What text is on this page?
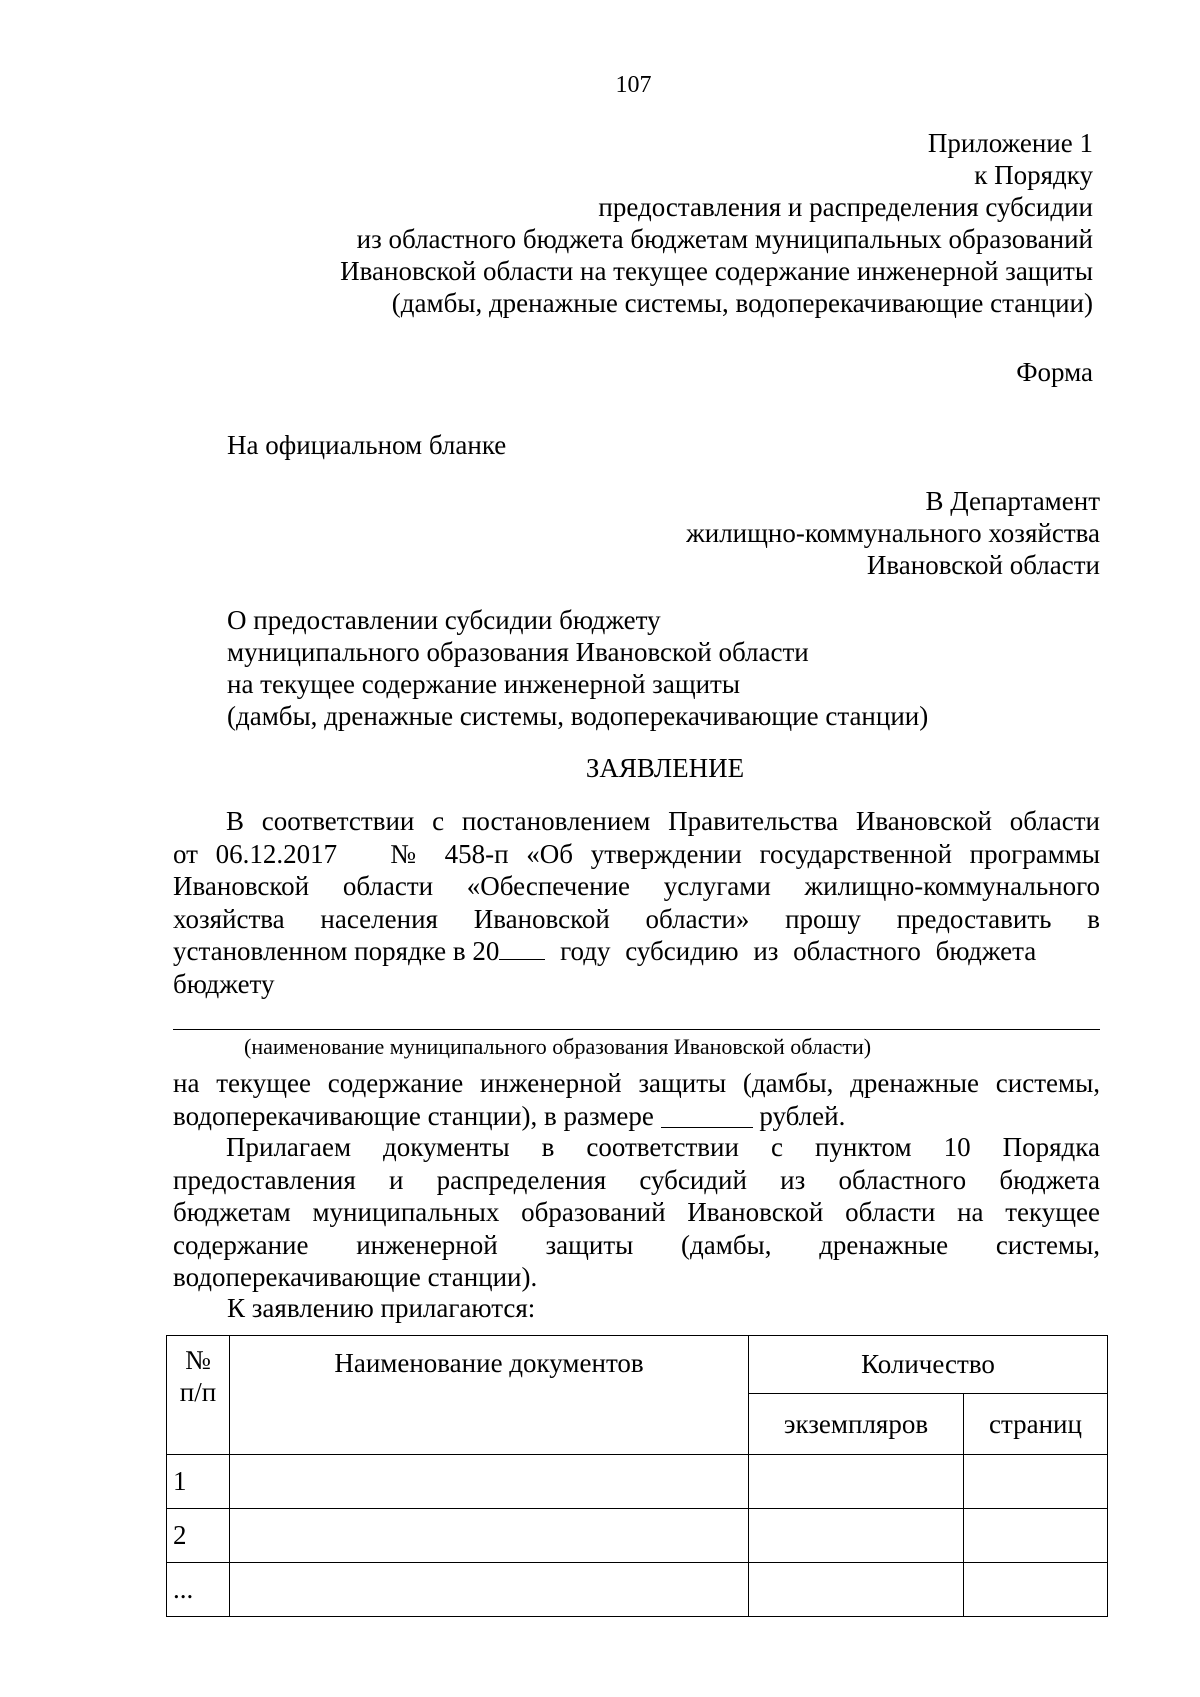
107
Приложение 1
к Порядку
предоставления и распределения субсидии
из областного бюджета бюджетам муниципальных образований
Ивановской области на текущее содержание инженерной защиты
(дамбы, дренажные системы, водоперекачивающие станции)
Форма
На официальном бланке
В Департамент
жилищно-коммунального хозяйства
Ивановской области
О предоставлении субсидии бюджету
муниципального образования Ивановской области
на текущее содержание инженерной защиты
(дамбы, дренажные системы, водоперекачивающие станции)
ЗАЯВЛЕНИЕ
В соответствии с постановлением Правительства Ивановской области
от 06.12.2017   № 458-п «Об утверждении государственной программы
Ивановской области «Обеспечение услугами жилищно-коммунального
хозяйства населения Ивановской области» прошу предоставить в
установленном порядке в 20 году субсидию из областного бюджета
бюджету
(наименование муниципального образования Ивановской области)
на текущее содержание инженерной защиты (дамбы, дренажные системы,
водоперекачивающие станции), в размере	рублей.
Прилагаем документы в соответствии с пунктом 10 Порядка
предоставления и распределения субсидий из областного бюджета
бюджетам муниципальных образований Ивановской области на текущее
содержание инженерной защиты (дамбы, дренажные системы,
водоперекачивающие станции).
К заявлению прилагаются:
№
п/п	Наименование документов	Количество	
		экземпляров	страниц
1			
2			
...			
